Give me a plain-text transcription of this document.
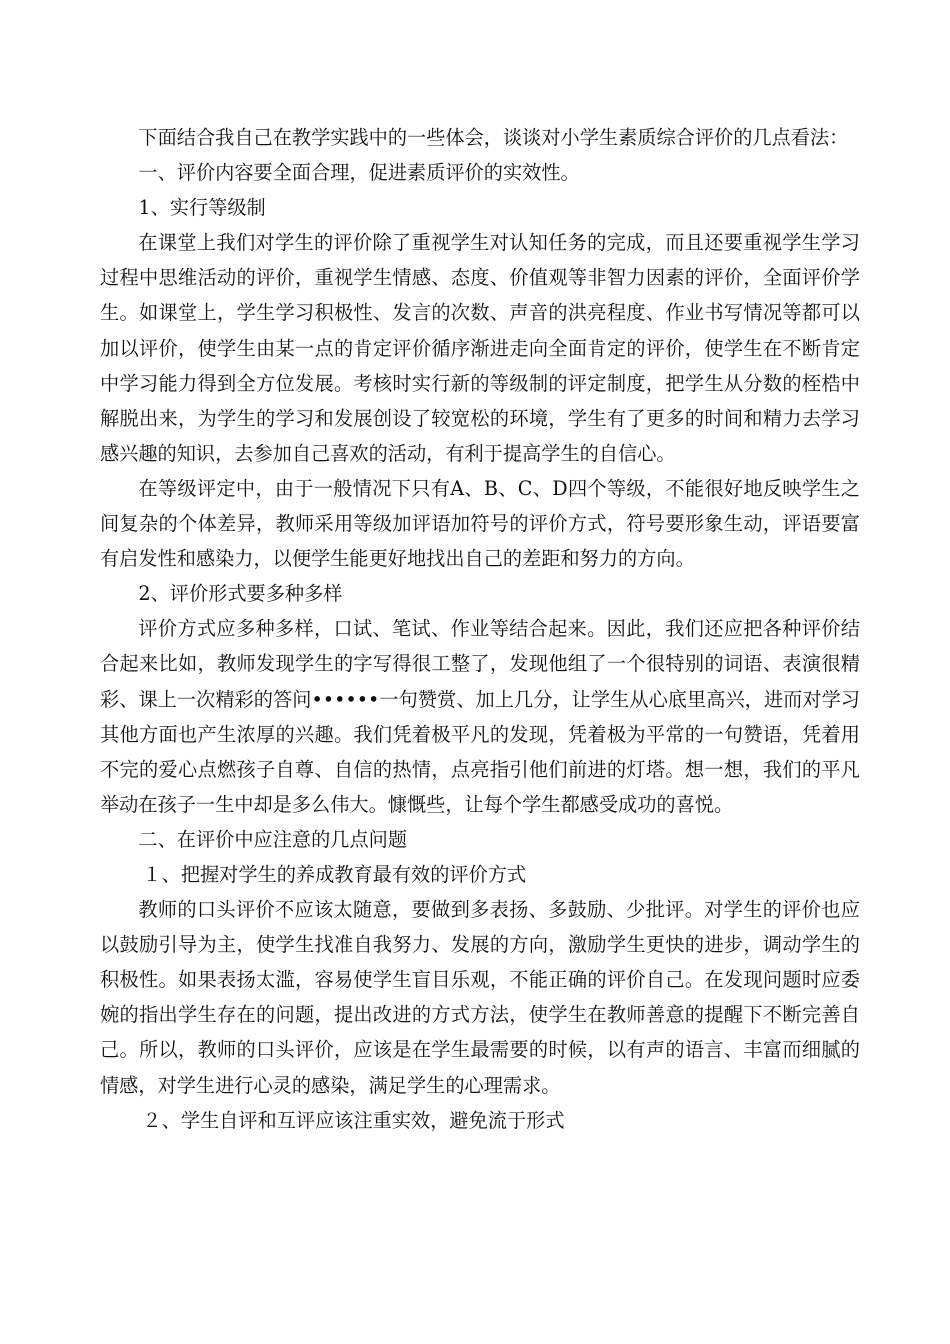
下面结合我自己在教学实践中的一些体会，谈谈对小学生素质综合评价的几点看法：

一、评价内容要全面合理，促进素质评价的实效性。

1、实行等级制

在课堂上我们对学生的评价除了重视学生对认知任务的完成，而且还要重视学生学习过程中思维活动的评价，重视学生情感、态度、价值观等非智力因素的评价，全面评价学生。如课堂上，学生学习积极性、发言的次数、声音的洪亮程度、作业书写情况等都可以加以评价，使学生由某一点的肯定评价循序渐进走向全面肯定的评价，使学生在不断肯定中学习能力得到全方位发展。考核时实行新的等级制的评定制度，把学生从分数的桎梏中解脱出来，为学生的学习和发展创设了较宽松的环境，学生有了更多的时间和精力去学习感兴趣的知识，去参加自己喜欢的活动，有利于提高学生的自信心。

在等级评定中，由于一般情况下只有A、B、C、D四个等级，不能很好地反映学生之间复杂的个体差异，教师采用等级加评语加符号的评价方式，符号要形象生动，评语要富有启发性和感染力，以便学生能更好地找出自己的差距和努力的方向。

2、评价形式要多种多样

评价方式应多种多样，口试、笔试、作业等结合起来。因此，我们还应把各种评价结合起来比如，教师发现学生的字写得很工整了，发现他组了一个很特别的词语、表演很精彩、课上一次精彩的答问••••••一句赞赏、加上几分，让学生从心底里高兴，进而对学习其他方面也产生浓厚的兴趣。我们凭着极平凡的发现，凭着极为平常的一句赞语，凭着用不完的爱心点燃孩子自尊、自信的热情，点亮指引他们前进的灯塔。想一想，我们的平凡举动在孩子一生中却是多么伟大。慷慨些，让每个学生都感受成功的喜悦。

二、在评价中应注意的几点问题

１、把握对学生的养成教育最有效的评价方式

教师的口头评价不应该太随意，要做到多表扬、多鼓励、少批评。对学生的评价也应以鼓励引导为主，使学生找准自我努力、发展的方向，激励学生更快的进步，调动学生的积极性。如果表扬太滥，容易使学生盲目乐观，不能正确的评价自己。在发现问题时应委婉的指出学生存在的问题，提出改进的方式方法，使学生在教师善意的提醒下不断完善自己。所以，教师的口头评价，应该是在学生最需要的时候，以有声的语言、丰富而细腻的情感，对学生进行心灵的感染，满足学生的心理需求。

２、学生自评和互评应该注重实效，避免流于形式
